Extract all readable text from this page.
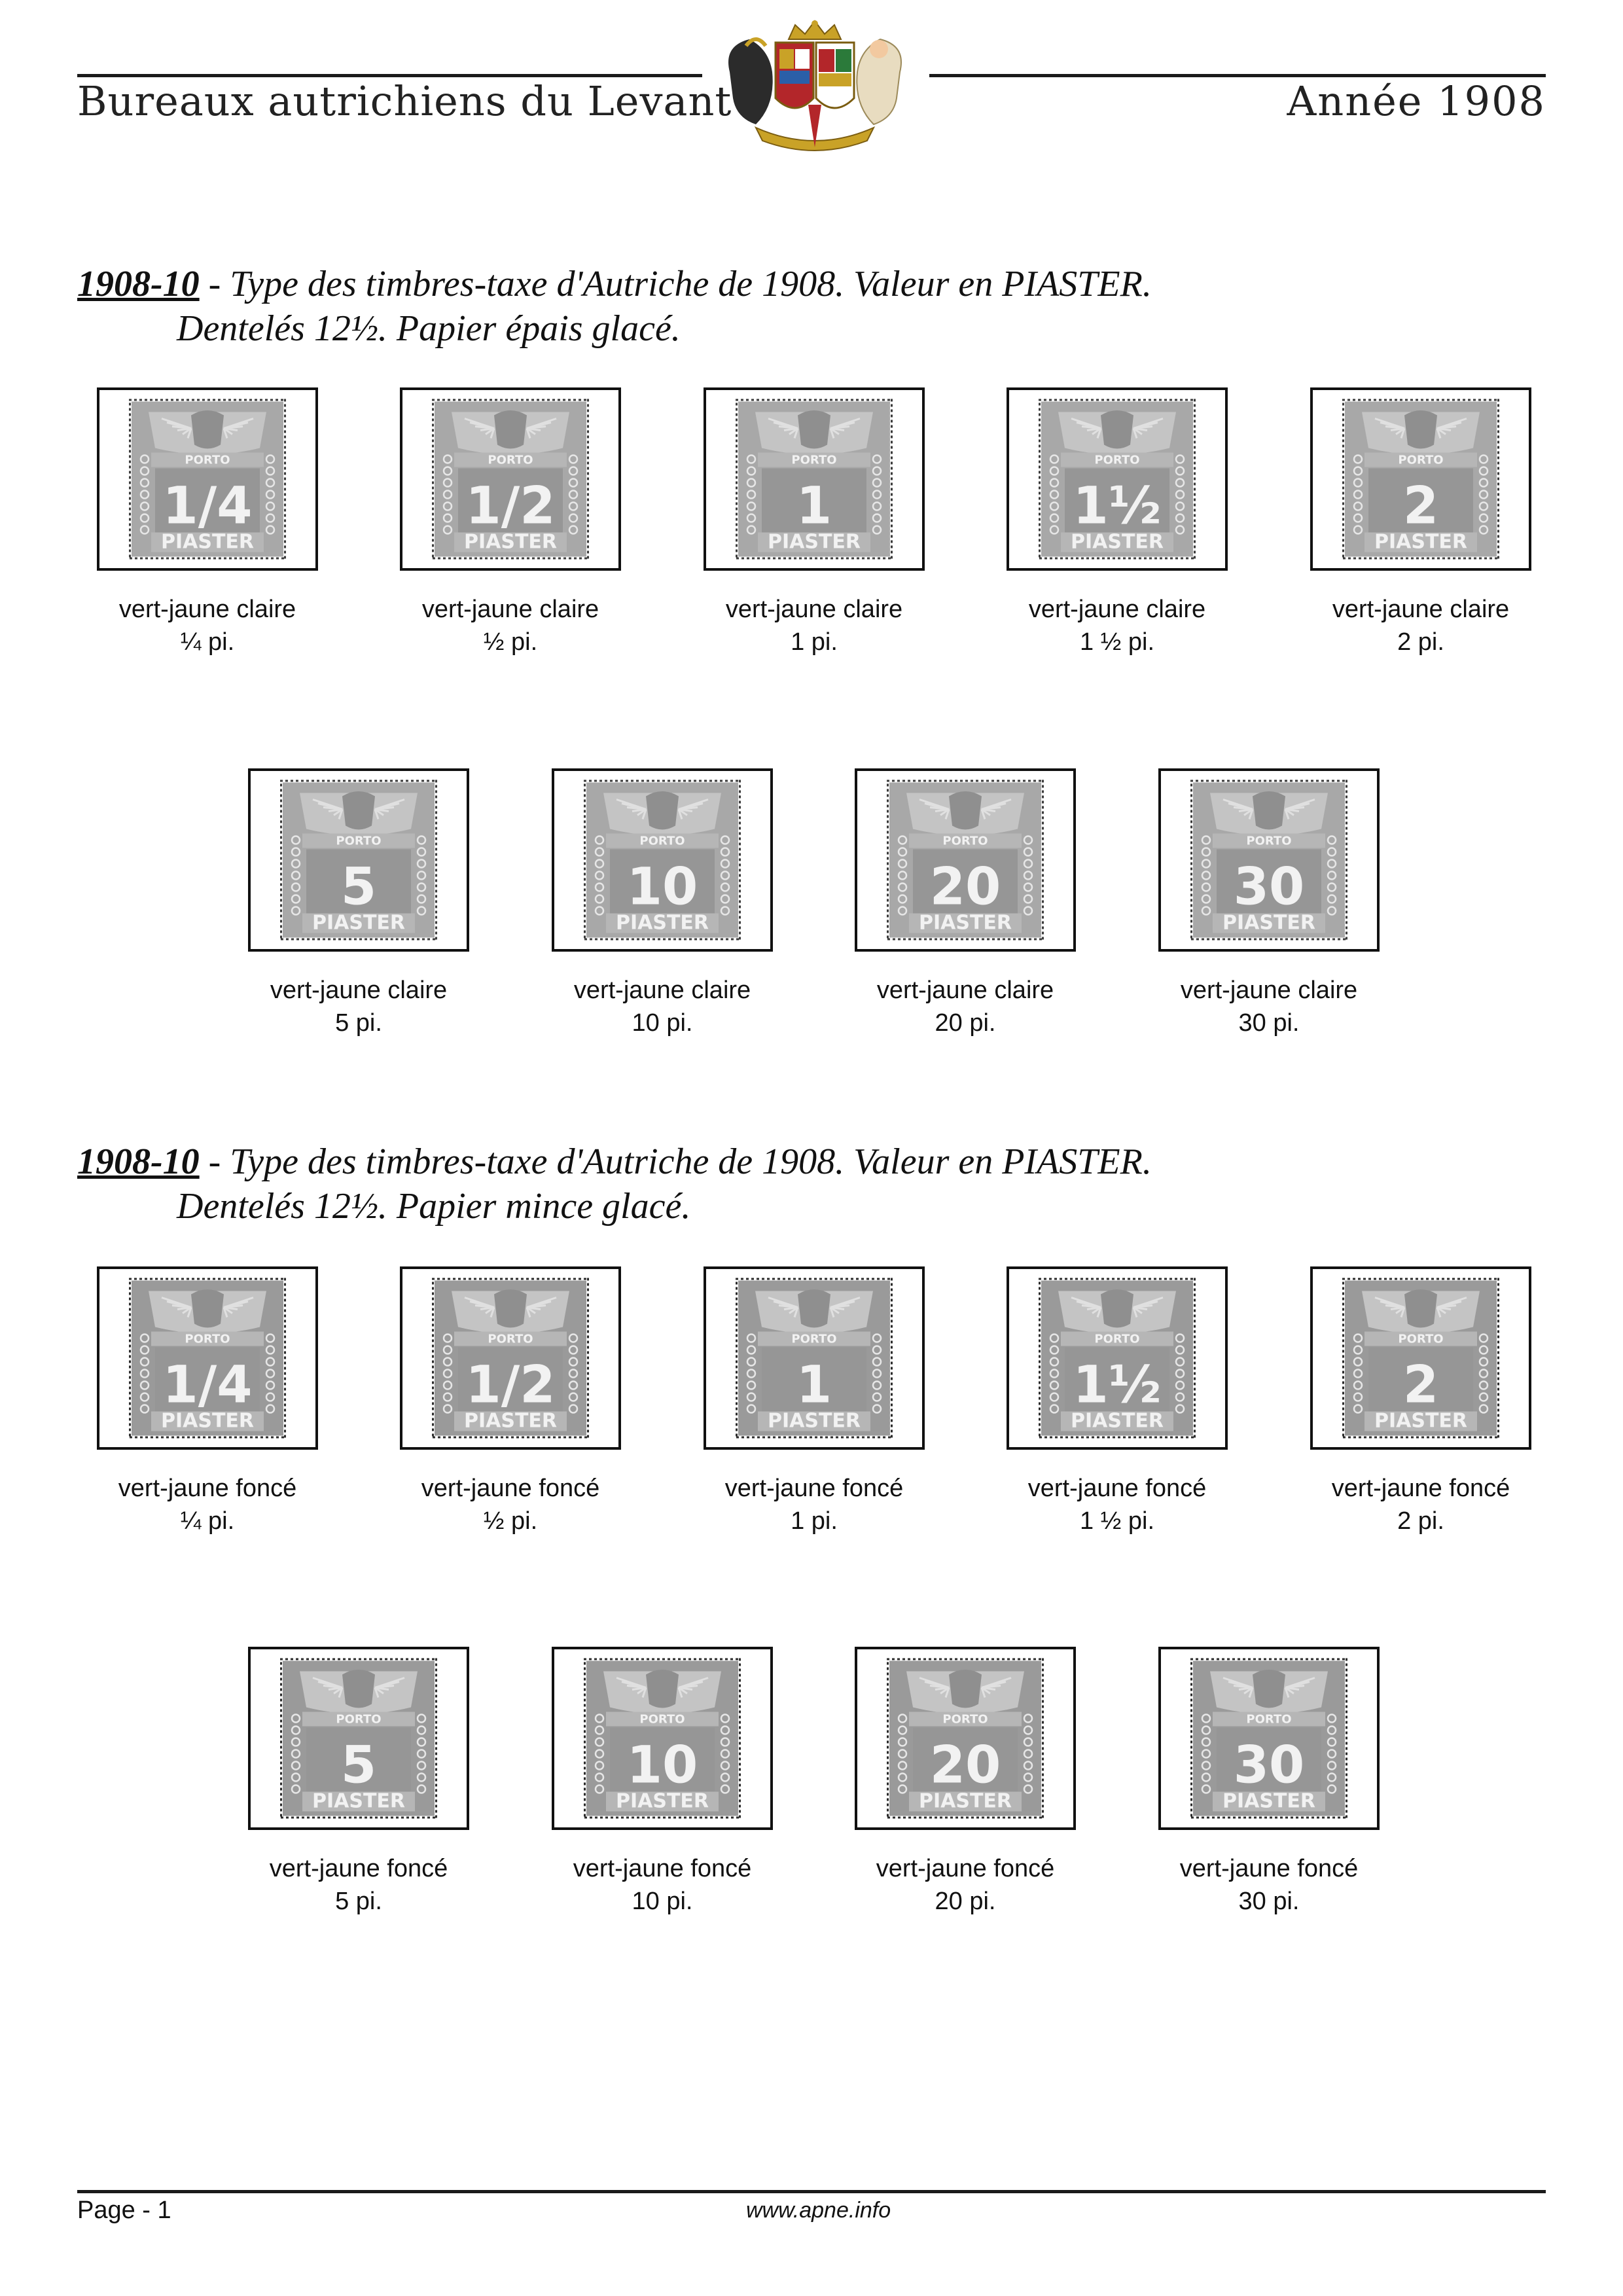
Bureaux autrichiens du Levant	Année 1908
1908-10 - Type des timbres-taxe d'Autriche de 1908. Valeur en PIASTER.
Dentelés 12½. Papier épais glacé.
1908-10 - Type des timbres-taxe d'Autriche de 1908. Valeur en PIASTER.
Dentelés 12½. Papier mince glacé.
PORTO
1/4
PIASTER
vert-jaune claire
¼ pi.
PORTO
1/2
PIASTER
vert-jaune claire
½ pi.
PORTO
1
PIASTER
vert-jaune claire
1 pi.
PORTO
1½
PIASTER
vert-jaune claire
1 ½ pi.
PORTO
2
PIASTER
vert-jaune claire
2 pi.
PORTO
5
PIASTER
vert-jaune claire
5 pi.
PORTO
10
PIASTER
vert-jaune claire
10 pi.
PORTO
20
PIASTER
vert-jaune claire
20 pi.
PORTO
30
PIASTER
vert-jaune claire
30 pi.
PORTO
1/4
PIASTER
vert-jaune foncé
¼ pi.
PORTO
1/2
PIASTER
vert-jaune foncé
½ pi.
PORTO
1
PIASTER
vert-jaune foncé
1 pi.
PORTO
1½
PIASTER
vert-jaune foncé
1 ½ pi.
PORTO
2
PIASTER
vert-jaune foncé
2 pi.
PORTO
5
PIASTER
vert-jaune foncé
5 pi.
PORTO
10
PIASTER
vert-jaune foncé
10 pi.
PORTO
20
PIASTER
vert-jaune foncé
20 pi.
PORTO
30
PIASTER
vert-jaune foncé
30 pi.
Page - 1	www.apne.info
